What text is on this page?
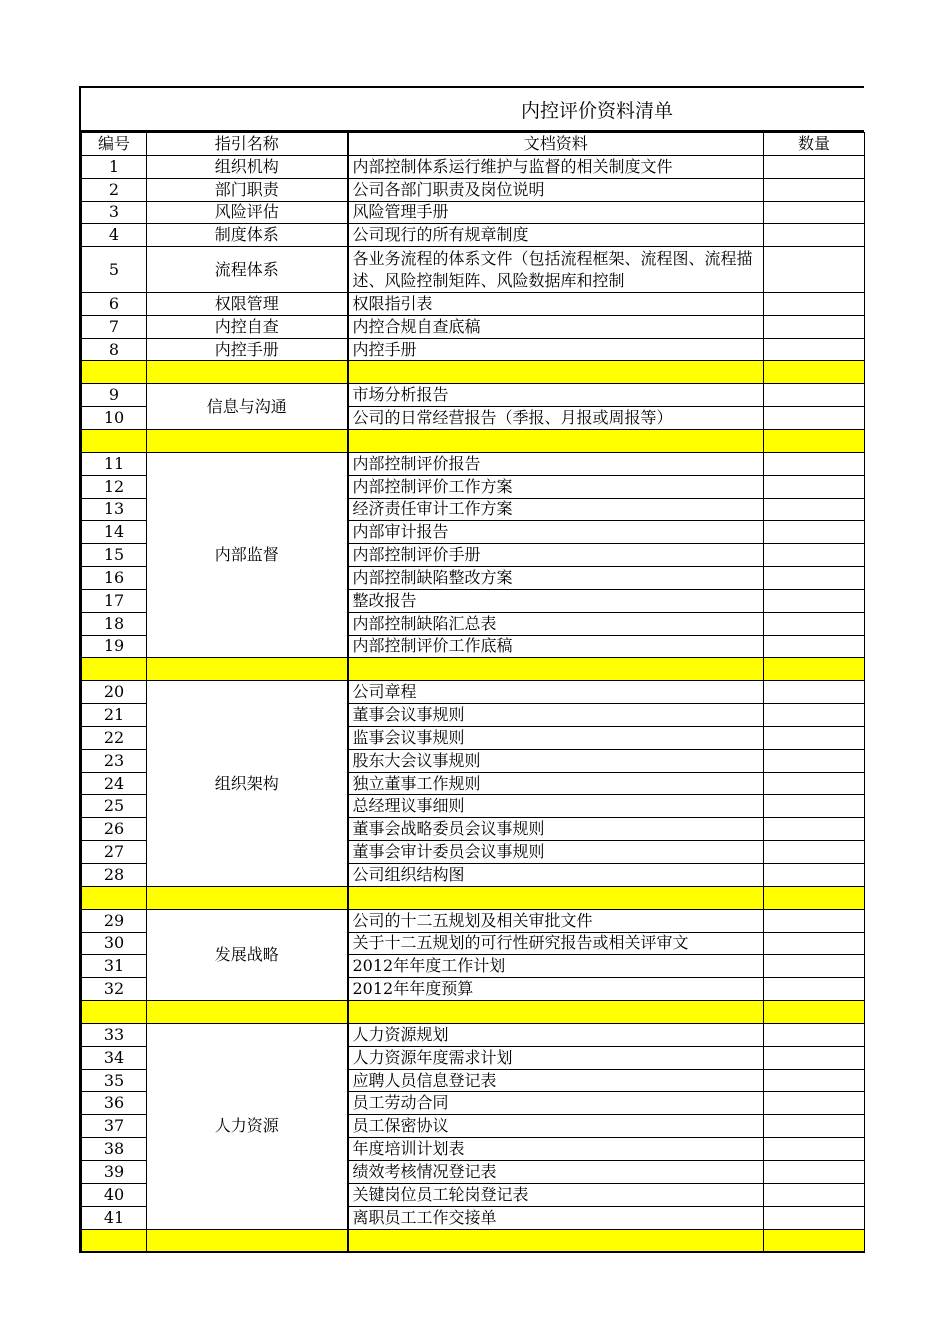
内控评价资料清单
编号	指引名称	文档资料	数量
1	组织机构	内部控制体系运行维护与监督的相关制度文件	
2	部门职责	公司各部门职责及岗位说明	
3	风险评估	风险管理手册	
4	制度体系	公司现行的所有规章制度	
5	流程体系	各业务流程的体系文件（包括流程框架、流程图、流程描述、风险控制矩阵、风险数据库和控制	
6	权限管理	权限指引表	
7	内控自查	内控合规自查底稿	
8	内控手册	内控手册	

9	信息与沟通	市场分析报告	
10		公司的日常经营报告（季报、月报或周报等）	

11	内部监督	内部控制评价报告	
12		内部控制评价工作方案	
13		经济责任审计工作方案	
14		内部审计报告	
15		内部控制评价手册	
16		内部控制缺陷整改方案	
17		整改报告	
18		内部控制缺陷汇总表	
19		内部控制评价工作底稿	

20	组织架构	公司章程	
21		董事会议事规则	
22		监事会议事规则	
23		股东大会议事规则	
24		独立董事工作规则	
25		总经理议事细则	
26		董事会战略委员会议事规则	
27		董事会审计委员会议事规则	
28		公司组织结构图	

29	发展战略	公司的十二五规划及相关审批文件	
30		关于十二五规划的可行性研究报告或相关评审文	
31		2012年年度工作计划	
32		2012年年度预算	

33	人力资源	人力资源规划	
34		人力资源年度需求计划	
35		应聘人员信息登记表	
36		员工劳动合同	
37		员工保密协议	
38		年度培训计划表	
39		绩效考核情况登记表	
40		关键岗位员工轮岗登记表	
41		离职员工工作交接单	
